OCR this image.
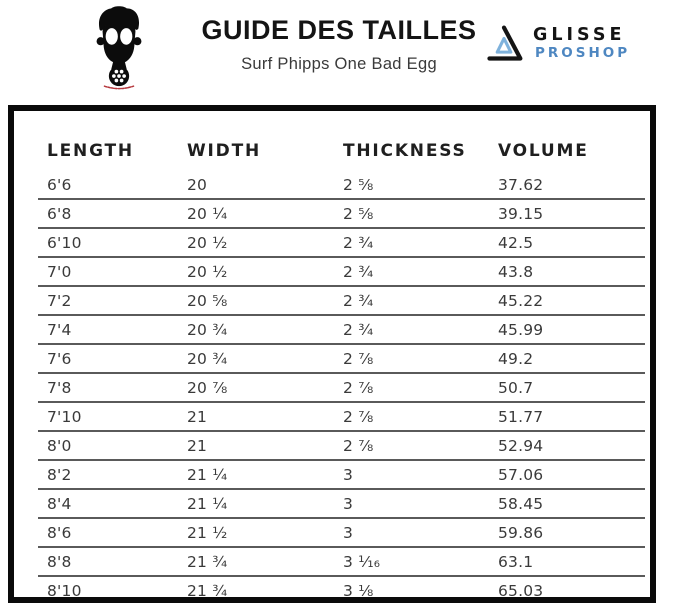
GUIDE DES TAILLES

Surf Phipps One Bad Egg

GLISSE
PROSHOP
LENGTH	WIDTH	THICKNESS	VOLUME
6'6	20	2 ⅝	37.62
6'8	20 ¼	2 ⅝	39.15
6'10	20 ½	2 ¾	42.5
7'0	20 ½	2 ¾	43.8
7'2	20 ⅝	2 ¾	45.22
7'4	20 ¾	2 ¾	45.99
7'6	20 ¾	2 ⅞	49.2
7'8	20 ⅞	2 ⅞	50.7
7'10	21	2 ⅞	51.77
8'0	21	2 ⅞	52.94
8'2	21 ¼	3	57.06
8'4	21 ¼	3	58.45
8'6	21 ½	3	59.86
8'8	21 ¾	3 ¹⁄₁₆	63.1
8'10	21 ¾	3 ⅛	65.03
